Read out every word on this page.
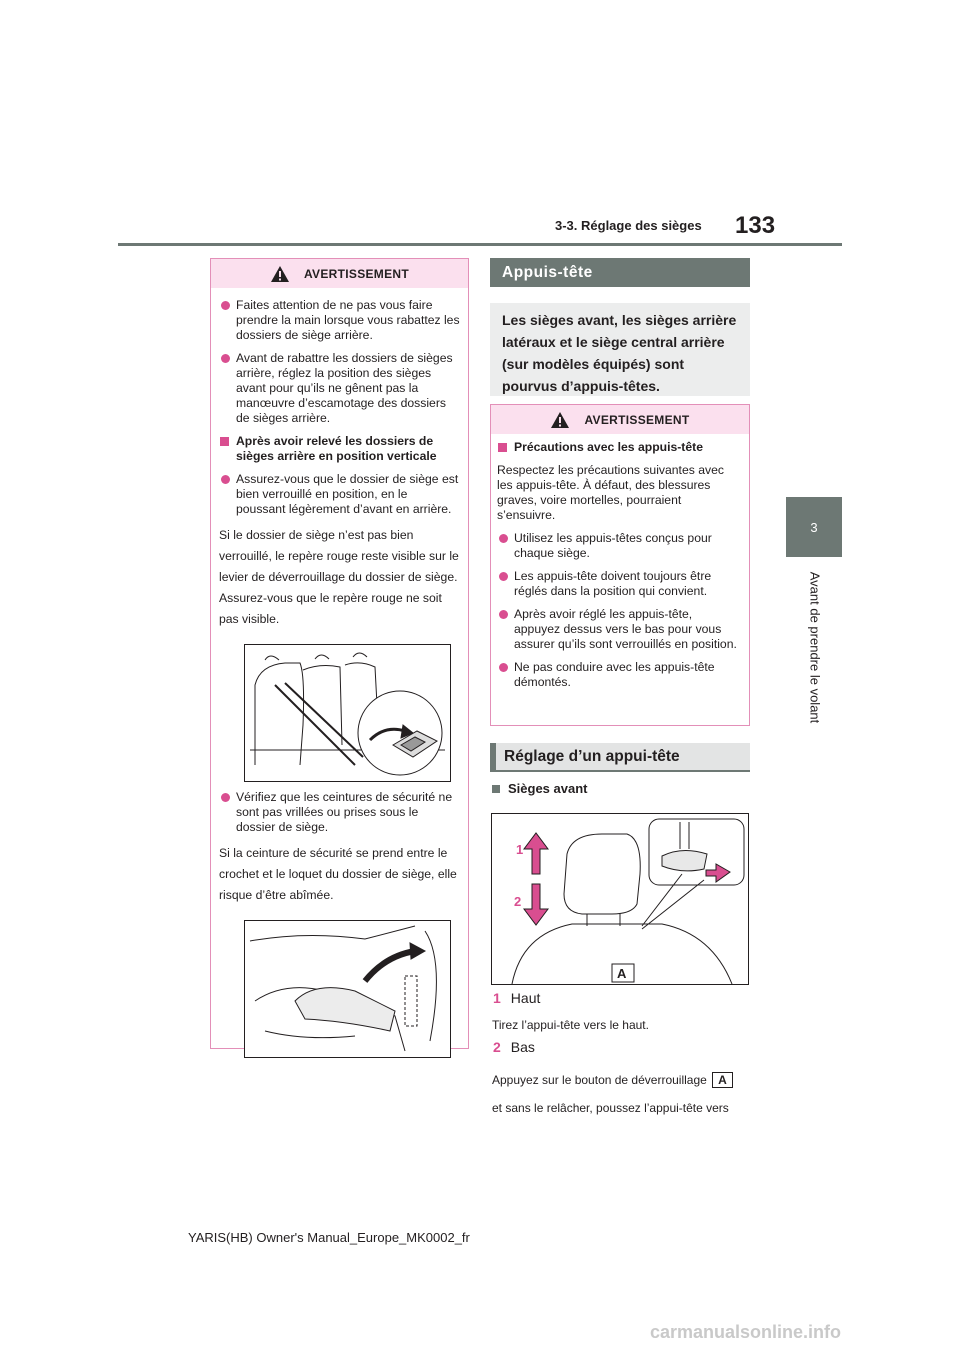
3-3. Réglage des sièges 133
3
Avant de prendre le volant
AVERTISSEMENT

Faites attention de ne pas vous faire prendre la main lorsque vous rabattez les dossiers de siège arrière.

Avant de rabattre les dossiers de sièges arrière, réglez la position des sièges avant pour qu’ils ne gênent pas la manœuvre d’escamotage des dossiers de sièges arrière.

Après avoir relevé les dossiers de sièges arrière en position verticale

Assurez-vous que le dossier de siège est bien verrouillé en position, en le poussant légèrement d’avant en arrière.

Si le dossier de siège n’est pas bien verrouillé, le repère rouge reste visible sur le levier de déverrouillage du dossier de siège. Assurez-vous que le repère rouge ne soit pas visible.

Vérifiez que les ceintures de sécurité ne sont pas vrillées ou prises sous le dossier de siège.

Si la ceinture de sécurité se prend entre le crochet et le loquet du dossier de siège, elle risque d’être abîmée.

Appuis-tête
Les sièges avant, les sièges arrière latéraux et le siège central arrière (sur modèles équipés) sont pourvus d’appuis-têtes.
AVERTISSEMENT

Précautions avec les appuis-tête

Respectez les précautions suivantes avec les appuis-tête. À défaut, des blessures graves, voire mortelles, pourraient s’ensuivre.

Utilisez les appuis-têtes conçus pour chaque siège.

Les appuis-tête doivent toujours être réglés dans la position qui convient.

Après avoir réglé les appuis-tête, appuyez dessus vers le bas pour vous assurer qu’ils sont verrouillés en position.

Ne pas conduire avec les appuis-tête démontés.

Réglage d’un appui-tête
Sièges avant
1
2
A
1 Haut
Tirez l’appui-tête vers le haut.
2 Bas
Appuyez sur le bouton de déverrouillage A
et sans le relâcher, poussez l’appui-tête vers
YARIS(HB) Owner's Manual_Europe_MK0002_fr
carmanualsonline.info
